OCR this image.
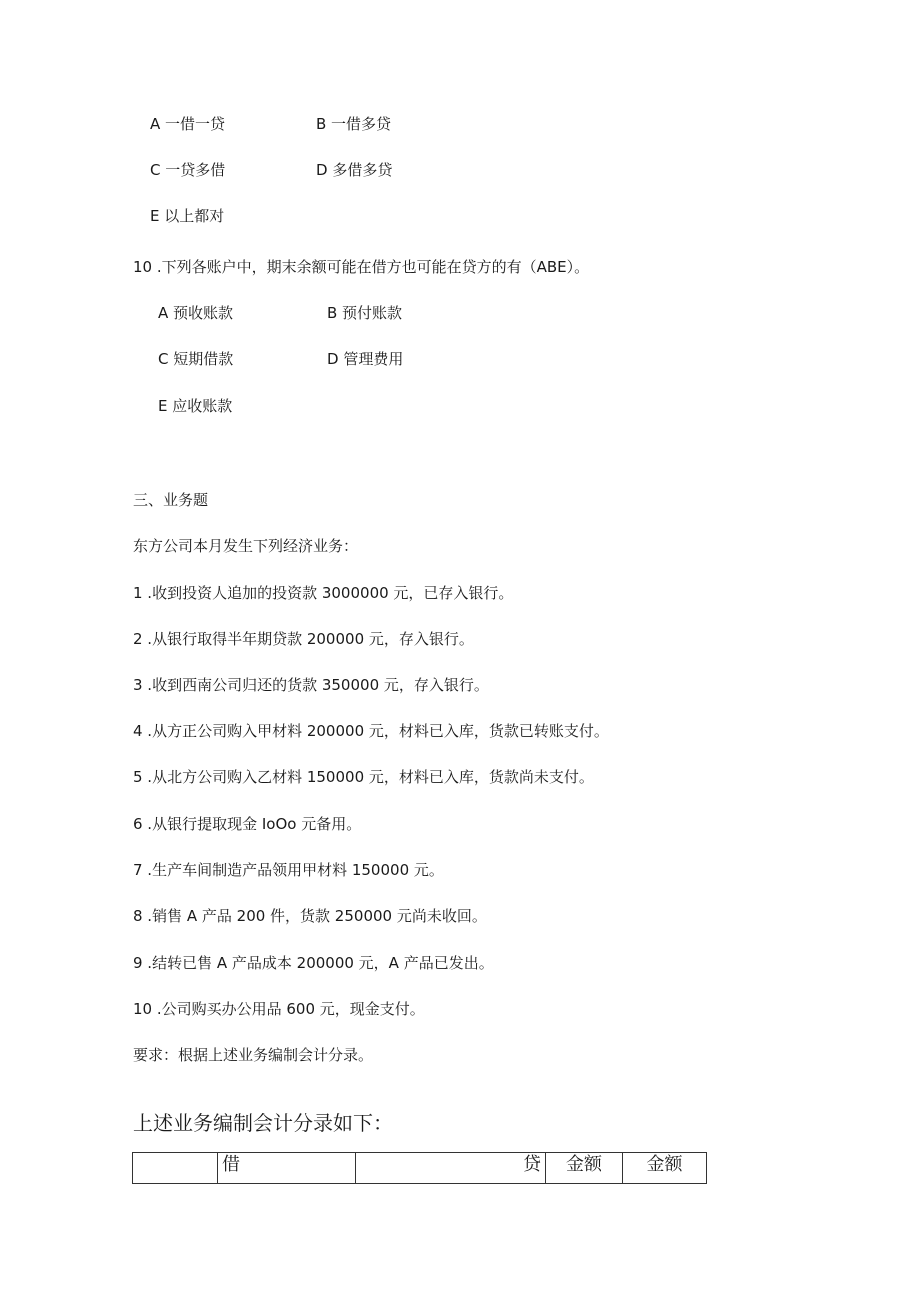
A 一借一贷	B 一借多贷
C 一贷多借	D 多借多贷
E 以上都对
10 .下列各账户中，期末余额可能在借方也可能在贷方的有（ABE）。
A 预收账款	B 预付账款
C 短期借款	D 管理费用
E 应收账款
三、业务题
东方公司本月发生下列经济业务：
1 .收到投资人追加的投资款 3000000 元，已存入银行。
2 .从银行取得半年期贷款 200000 元，存入银行。
3 .收到西南公司归还的货款 350000 元，存入银行。
4 .从方正公司购入甲材料 200000 元，材料已入库，货款已转账支付。
5 .从北方公司购入乙材料 150000 元，材料已入库，货款尚未支付。
6 .从银行提取现金 IoOo 元备用。
7 .生产车间制造产品领用甲材料 150000 元。
8 .销售 A 产品 200 件，货款 250000 元尚未收回。
9 .结转已售 A 产品成本 200000 元，A 产品已发出。
10 .公司购买办公用品 600 元，现金支付。
要求：根据上述业务编制会计分录。
上述业务编制会计分录如下：
	借	贷	金额	金额
